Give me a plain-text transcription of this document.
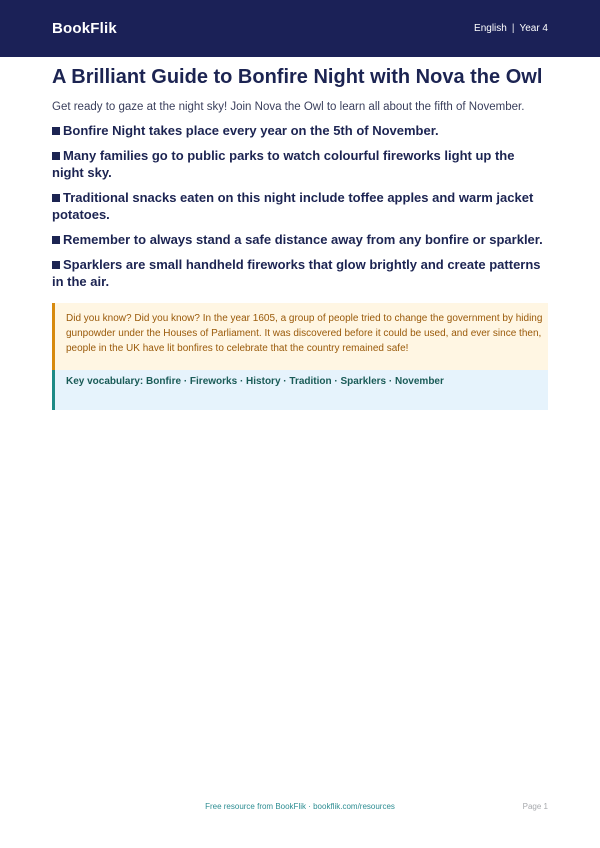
BookFlik	English | Year 4
A Brilliant Guide to Bonfire Night with Nova the Owl

Get ready to gaze at the night sky! Join Nova the Owl to learn all about the fifth of November.

Bonfire Night takes place every year on the 5th of November.
Many families go to public parks to watch colourful fireworks light up the night sky.
Traditional snacks eaten on this night include toffee apples and warm jacket potatoes.
Remember to always stand a safe distance away from any bonfire or sparkler.
Sparklers are small handheld fireworks that glow brightly and create patterns in the air.
Did you know? Did you know? In the year 1605, a group of people tried to change the government by hiding gunpowder under the Houses of Parliament. It was discovered before it could be used, and ever since then, people in the UK have lit bonfires to celebrate that the country remained safe!
Key vocabulary: Bonfire · Fireworks · History · Tradition · Sparklers · November
Free resource from BookFlik · bookflik.com/resources	Page 1
